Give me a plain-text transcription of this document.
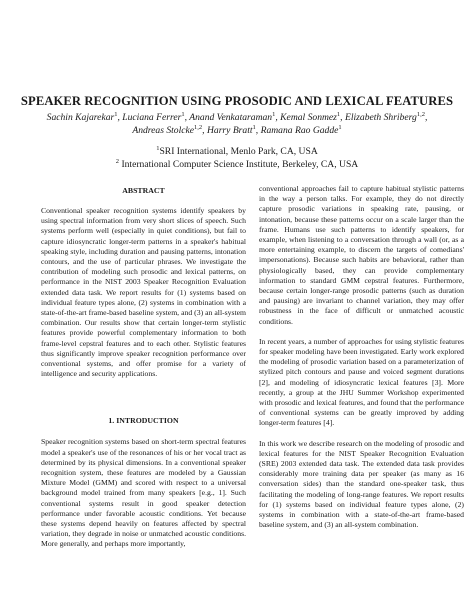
SPEAKER RECOGNITION USING PROSODIC AND LEXICAL FEATURES
Sachin Kajarekar$^1$, Luciana Ferrer$^1$, Anand Venkataraman$^1$, Kemal Sonmez$^1$, Elizabeth Shriberg$^{1,2}$,
Andreas Stolcke$^{1,2}$, Harry Bratt$^1$, Ramana Rao Gadde$^1$
$^1$SRI International, Menlo Park, CA, USA
$^2$ International Computer Science Institute, Berkeley, CA, USA
ABSTRACT

Conventional speaker recognition systems identify speakers by using spectral information from very short slices of speech. Such systems perform well (especially in quiet conditions), but fail to capture idiosyncratic longer-term patterns in a speaker's habitual speaking style, including duration and pausing patterns, intonation contours, and the use of particular phrases. We investigate the contribution of modeling such prosodic and lexical patterns, on performance in the NIST 2003 Speaker Recognition Evaluation extended data task. We report results for (1) systems based on individual feature types alone, (2) systems in combination with a state-of-the-art frame-based baseline system, and (3) an all-system combination. Our results show that certain longer-term stylistic features provide powerful complementary information to both frame-level cepstral features and to each other. Stylistic features thus significantly improve speaker recognition performance over conventional systems, and offer promise for a variety of intelligence and security applications.

1. INTRODUCTION

Speaker recognition systems based on short-term spectral features model a speaker's use of the resonances of his or her vocal tract as determined by its physical dimensions. In a conventional speaker recognition system, these features are modeled by a Gaussian Mixture Model (GMM) and scored with respect to a universal background model trained from many speakers [e.g., 1]. Such conventional systems result in good speaker detection performance under favorable acoustic conditions. Yet because these systems depend heavily on features affected by spectral variation, they degrade in noise or unmatched acoustic conditions. More generally, and perhaps more importantly,

conventional approaches fail to capture habitual stylistic patterns in the way a person talks. For example, they do not directly capture prosodic variations in speaking rate, pausing, or intonation, because these patterns occur on a scale larger than the frame. Humans use such patterns to identify speakers, for example, when listening to a conversation through a wall (or, as a more entertaining example, to discern the targets of comedians' impersonations). Because such habits are behavioral, rather than physiologically based, they can provide complementary information to standard GMM cepstral features. Furthermore, because certain longer-range prosodic patterns (such as duration and pausing) are invariant to channel variation, they may offer robustness in the face of difficult or unmatched acoustic conditions.

In recent years, a number of approaches for using stylistic features for speaker modeling have been investigated. Early work explored the modeling of prosodic variation based on a parameterization of stylized pitch contours and pause and voiced segment durations [2], and modeling of idiosyncratic lexical features [3]. More recently, a group at the JHU Summer Workshop experimented with prosodic and lexical features, and found that the performance of conventional systems can be greatly improved by adding longer-term features [4].

In this work we describe research on the modeling of prosodic and lexical features for the NIST Speaker Recognition Evaluation (SRE) 2003 extended data task. The extended data task provides considerably more training data per speaker (as many as 16 conversation sides) than the standard one-speaker task, thus facilitating the modeling of long-range features. We report results for (1) systems based on individual feature types alone, (2) systems in combination with a state-of-the-art frame-based baseline system, and (3) an all-system combination.
